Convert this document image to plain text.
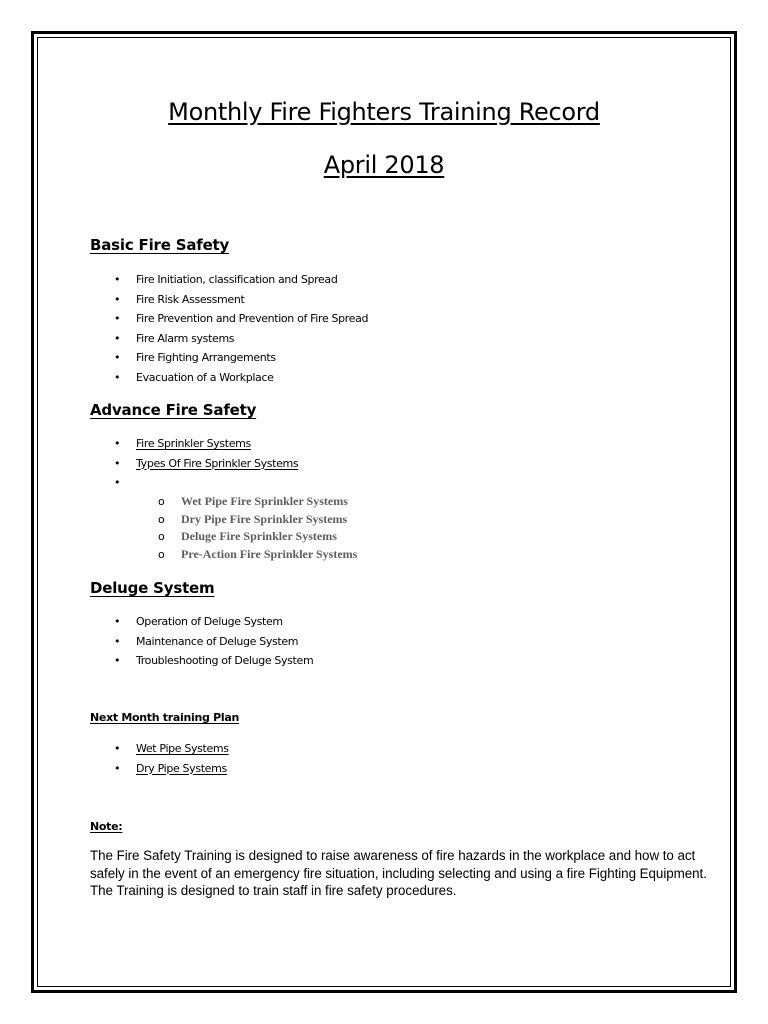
Monthly Fire Fighters Training Record
April 2018
Basic Fire Safety
• Fire Initiation, classification and Spread
• Fire Risk Assessment
• Fire Prevention and Prevention of Fire Spread
• Fire Alarm systems
• Fire Fighting Arrangements
• Evacuation of a Workplace
Advance Fire Safety
• Fire Sprinkler Systems
• Types Of Fire Sprinkler Systems
•
o Wet Pipe Fire Sprinkler Systems
o Dry Pipe Fire Sprinkler Systems
o Deluge Fire Sprinkler Systems
o Pre-Action Fire Sprinkler Systems
Deluge System
• Operation of Deluge System
• Maintenance of Deluge System
• Troubleshooting of Deluge System
Next Month training Plan
• Wet Pipe Systems
• Dry Pipe Systems
Note:
The Fire Safety Training is designed to raise awareness of fire hazards in the workplace and how to act safely in the event of an emergency fire situation, including selecting and using a fire Fighting Equipment. The Training is designed to train staff in fire safety procedures.
